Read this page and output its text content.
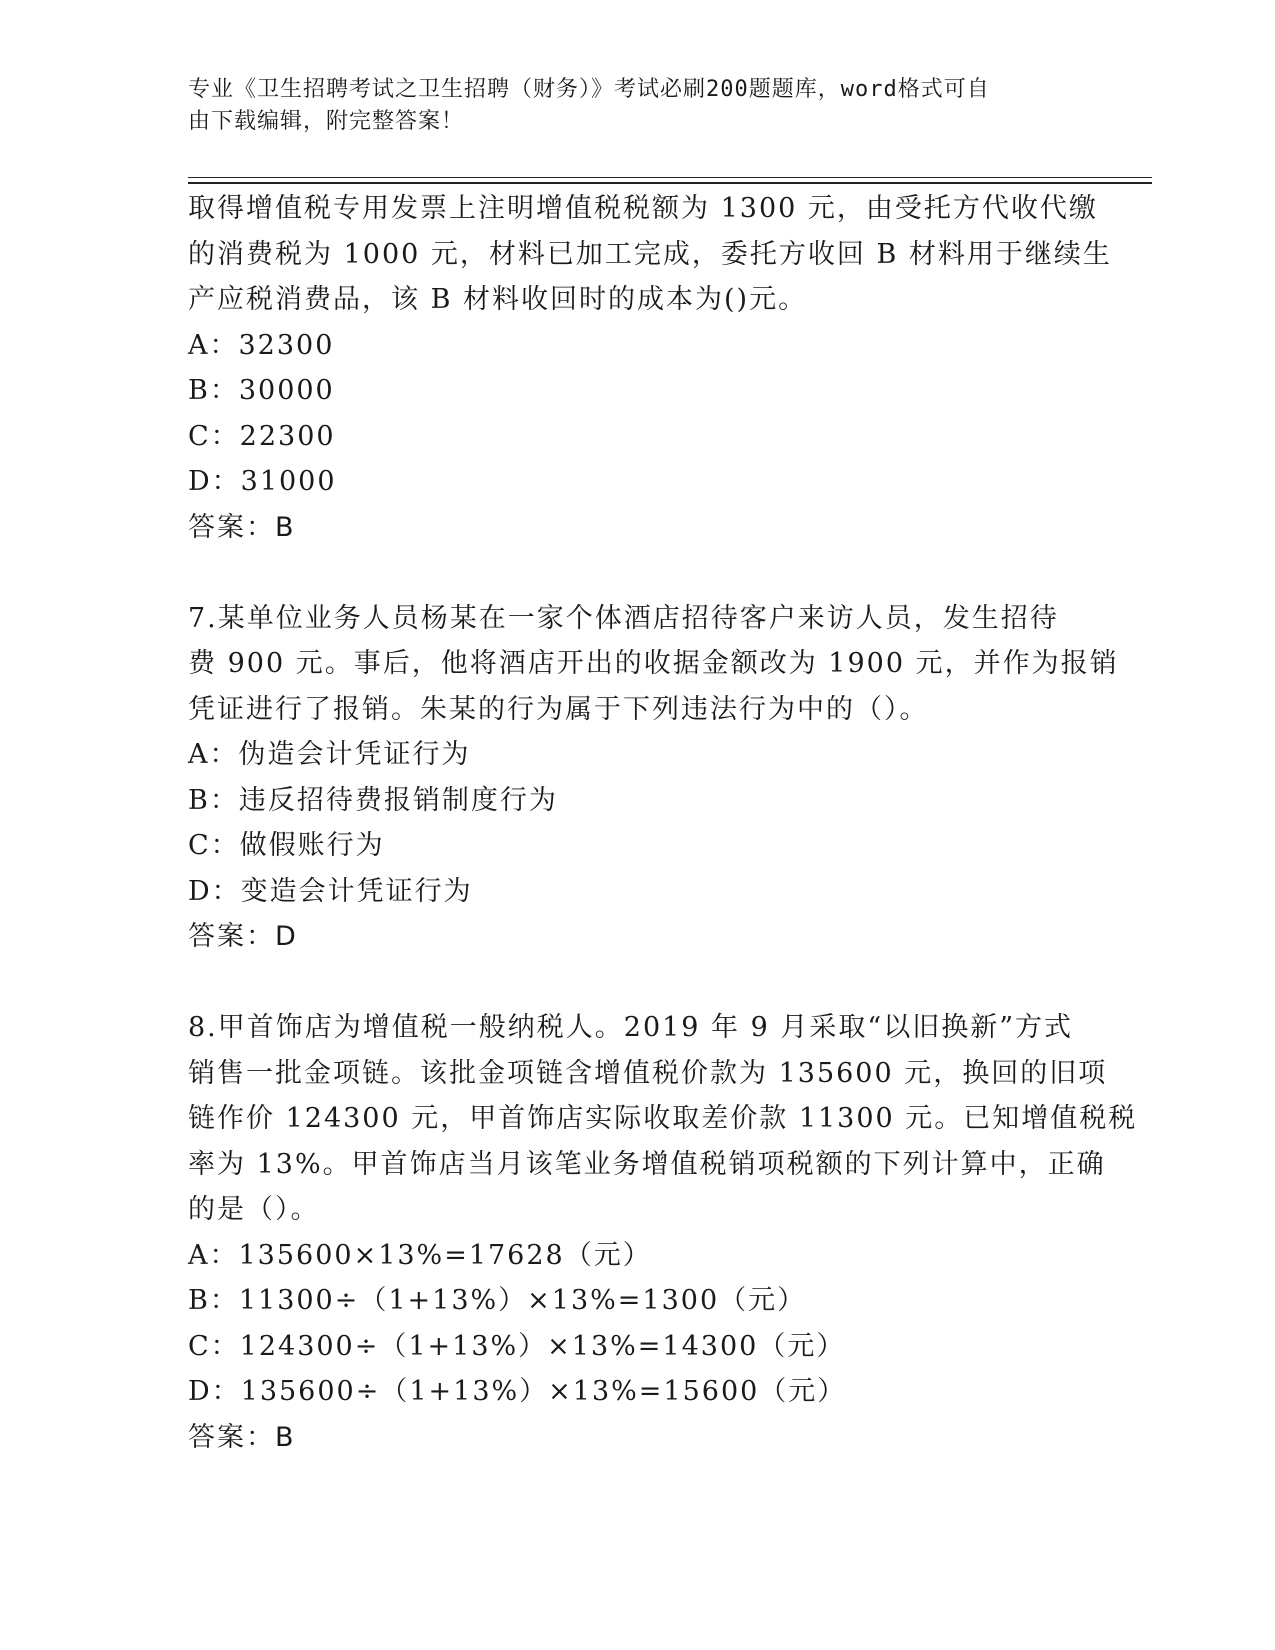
专业《卫生招聘考试之卫生招聘（财务）》考试必刷200题题库，word格式可自
由下载编辑，附完整答案！
取得增值税专用发票上注明增值税税额为 1300 元，由受托方代收代缴
的消费税为 1000 元，材料已加工完成，委托方收回 B 材料用于继续生
产应税消费品，该 B 材料收回时的成本为()元。
A：32300
B：30000
C：22300
D：31000
答案：B
7.某单位业务人员杨某在一家个体酒店招待客户来访人员，发生招待
费 900 元。事后，他将酒店开出的收据金额改为 1900 元，并作为报销
凭证进行了报销。朱某的行为属于下列违法行为中的（）。
A：伪造会计凭证行为
B：违反招待费报销制度行为
C：做假账行为
D：变造会计凭证行为
答案：D
8.甲首饰店为增值税一般纳税人。2019 年 9 月采取“以旧换新”方式
销售一批金项链。该批金项链含增值税价款为 135600 元，换回的旧项
链作价 124300 元，甲首饰店实际收取差价款 11300 元。已知增值税税
率为 13%。甲首饰店当月该笔业务增值税销项税额的下列计算中，正确
的是（）。
A：135600×13%=17628（元）
B：11300÷（1+13%）×13%=1300（元）
C：124300÷（1+13%）×13%=14300（元）
D：135600÷（1+13%）×13%=15600（元）
答案：B
